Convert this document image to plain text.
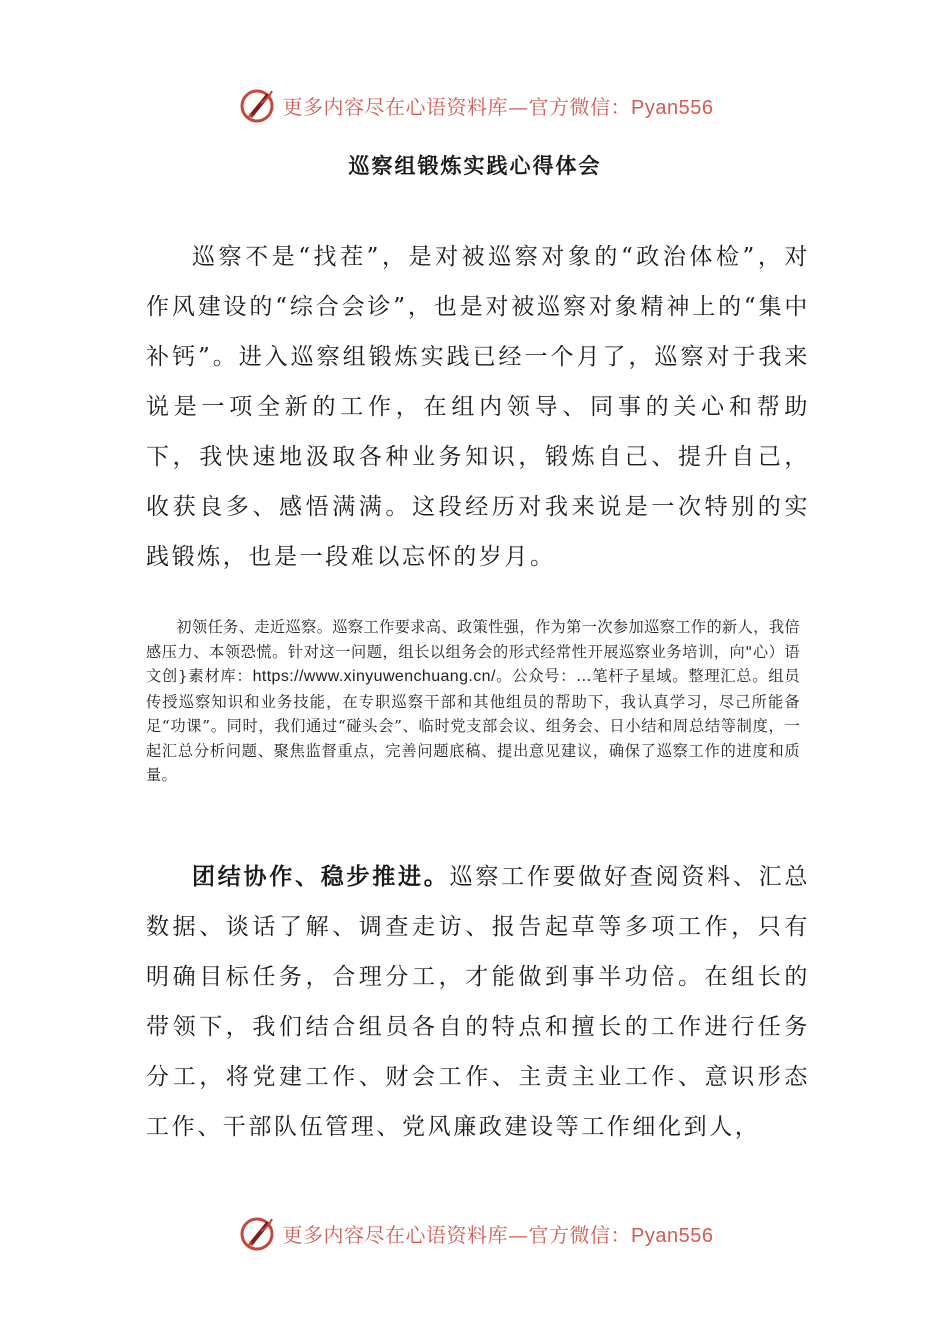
更多内容尽在心语资料库—官方微信：Pyan556
巡察组锻炼实践心得体会

巡察不是“找茬”，是对被巡察对象的“政治体检”，对作风建设的“综合会诊”，也是对被巡察对象精神上的“集中补钙”。进入巡察组锻炼实践已经一个月了，巡察对于我来说是一项全新的工作，在组内领导、同事的关心和帮助下，我快速地汲取各种业务知识，锻炼自己、提升自己，收获良多、感悟满满。这段经历对我来说是一次特别的实践锻炼，也是一段难以忘怀的岁月。

初领任务、走近巡察。巡察工作要求高、政策性强，作为第一次参加巡察工作的新人，我倍感压力、本领恐慌。针对这一问题，组长以组务会的形式经常性开展巡察业务培训，向"心）语文创}素材库：https://www.xinyuwenchuang.cn/。公众号：…笔杆子星域。整理汇总。组员传授巡察知识和业务技能，在专职巡察干部和其他组员的帮助下，我认真学习，尽己所能备足“功课”。同时，我们通过“碰头会”、临时党支部会议、组务会、日小结和周总结等制度，一起汇总分析问题、聚焦监督重点，完善问题底稿、提出意见建议，确保了巡察工作的进度和质量。

团结协作、稳步推进。巡察工作要做好查阅资料、汇总数据、谈话了解、调查走访、报告起草等多项工作，只有明确目标任务，合理分工，才能做到事半功倍。在组长的带领下，我们结合组员各自的特点和擅长的工作进行任务分工，将党建工作、财会工作、主责主业工作、意识形态工作、干部队伍管理、党风廉政建设等工作细化到人，

更多内容尽在心语资料库—官方微信：Pyan556
